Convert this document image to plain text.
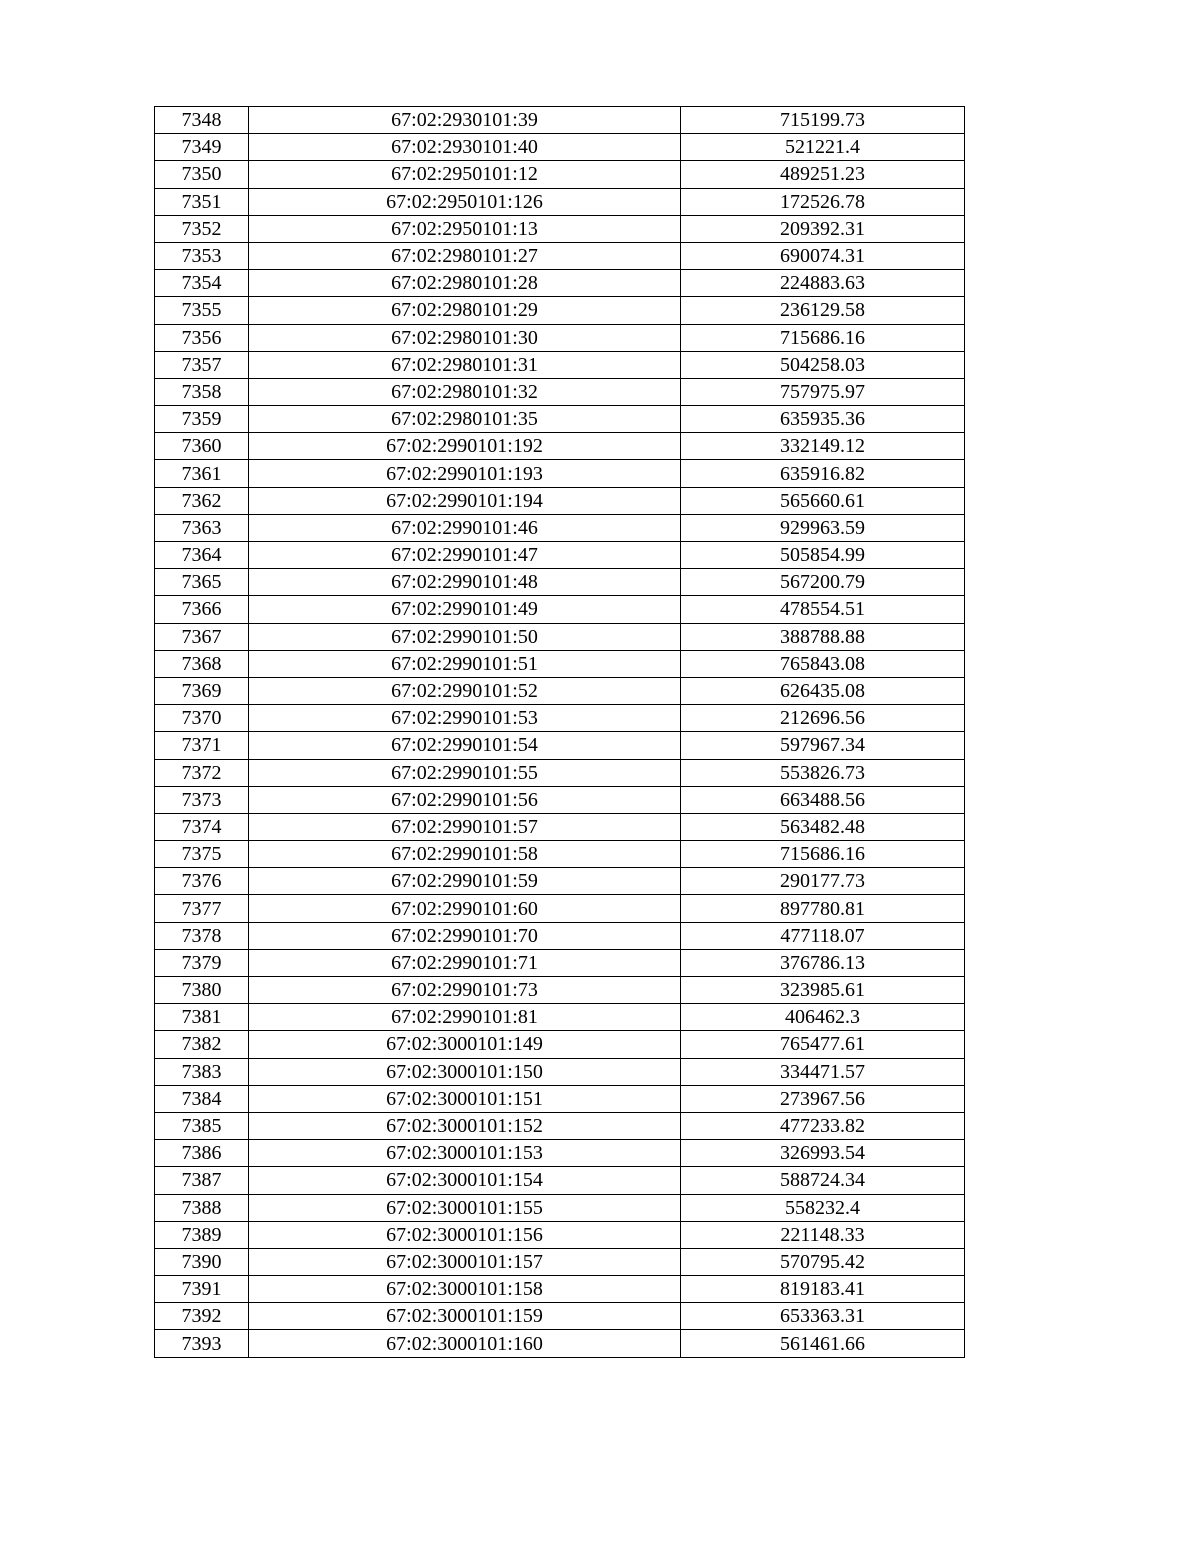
7348	67:02:2930101:39	715199.73
7349	67:02:2930101:40	521221.4
7350	67:02:2950101:12	489251.23
7351	67:02:2950101:126	172526.78
7352	67:02:2950101:13	209392.31
7353	67:02:2980101:27	690074.31
7354	67:02:2980101:28	224883.63
7355	67:02:2980101:29	236129.58
7356	67:02:2980101:30	715686.16
7357	67:02:2980101:31	504258.03
7358	67:02:2980101:32	757975.97
7359	67:02:2980101:35	635935.36
7360	67:02:2990101:192	332149.12
7361	67:02:2990101:193	635916.82
7362	67:02:2990101:194	565660.61
7363	67:02:2990101:46	929963.59
7364	67:02:2990101:47	505854.99
7365	67:02:2990101:48	567200.79
7366	67:02:2990101:49	478554.51
7367	67:02:2990101:50	388788.88
7368	67:02:2990101:51	765843.08
7369	67:02:2990101:52	626435.08
7370	67:02:2990101:53	212696.56
7371	67:02:2990101:54	597967.34
7372	67:02:2990101:55	553826.73
7373	67:02:2990101:56	663488.56
7374	67:02:2990101:57	563482.48
7375	67:02:2990101:58	715686.16
7376	67:02:2990101:59	290177.73
7377	67:02:2990101:60	897780.81
7378	67:02:2990101:70	477118.07
7379	67:02:2990101:71	376786.13
7380	67:02:2990101:73	323985.61
7381	67:02:2990101:81	406462.3
7382	67:02:3000101:149	765477.61
7383	67:02:3000101:150	334471.57
7384	67:02:3000101:151	273967.56
7385	67:02:3000101:152	477233.82
7386	67:02:3000101:153	326993.54
7387	67:02:3000101:154	588724.34
7388	67:02:3000101:155	558232.4
7389	67:02:3000101:156	221148.33
7390	67:02:3000101:157	570795.42
7391	67:02:3000101:158	819183.41
7392	67:02:3000101:159	653363.31
7393	67:02:3000101:160	561461.66
